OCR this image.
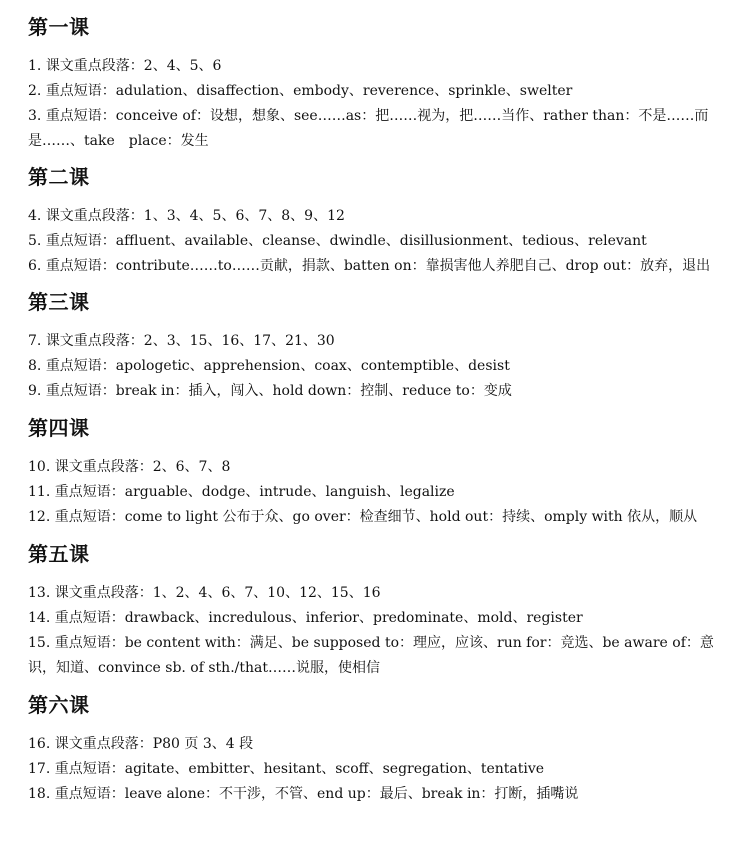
第一课

1. 课文重点段落：2、4、5、6

2. 重点短语：adulation、disaffection、embody、reverence、sprinkle、swelter

3. 重点短语：conceive of：设想，想象、see……as：把……视为，把……当作、rather than：不是……而是……、take　place：发生

第二课

4. 课文重点段落：1、3、4、5、6、7、8、9、12

5. 重点短语：affluent、available、cleanse、dwindle、disillusionment、tedious、relevant

6. 重点短语：contribute……to……贡献，捐款、batten on：靠损害他人养肥自己、drop out：放弃，退出

第三课

7. 课文重点段落：2、3、15、16、17、21、30

8. 重点短语：apologetic、apprehension、coax、contemptible、desist

9. 重点短语：break in：插入，闯入、hold down：控制、reduce to：变成

第四课

10. 课文重点段落：2、6、7、8

11. 重点短语：arguable、dodge、intrude、languish、legalize

12. 重点短语：come to light 公布于众、go over：检查细节、hold out：持续、omply with 依从，顺从

第五课

13. 课文重点段落：1、2、4、6、7、10、12、15、16

14. 重点短语：drawback、incredulous、inferior、predominate、mold、register

15. 重点短语：be content with：满足、be supposed to：理应，应该、run for：竞选、be aware of：意识，知道、convince sb. of sth./that……说服，使相信

第六课

16. 课文重点段落：P80 页 3、4 段

17. 重点短语：agitate、embitter、hesitant、scoff、segregation、tentative

18. 重点短语：leave alone：不干涉，不管、end up：最后、break in：打断，插嘴说
